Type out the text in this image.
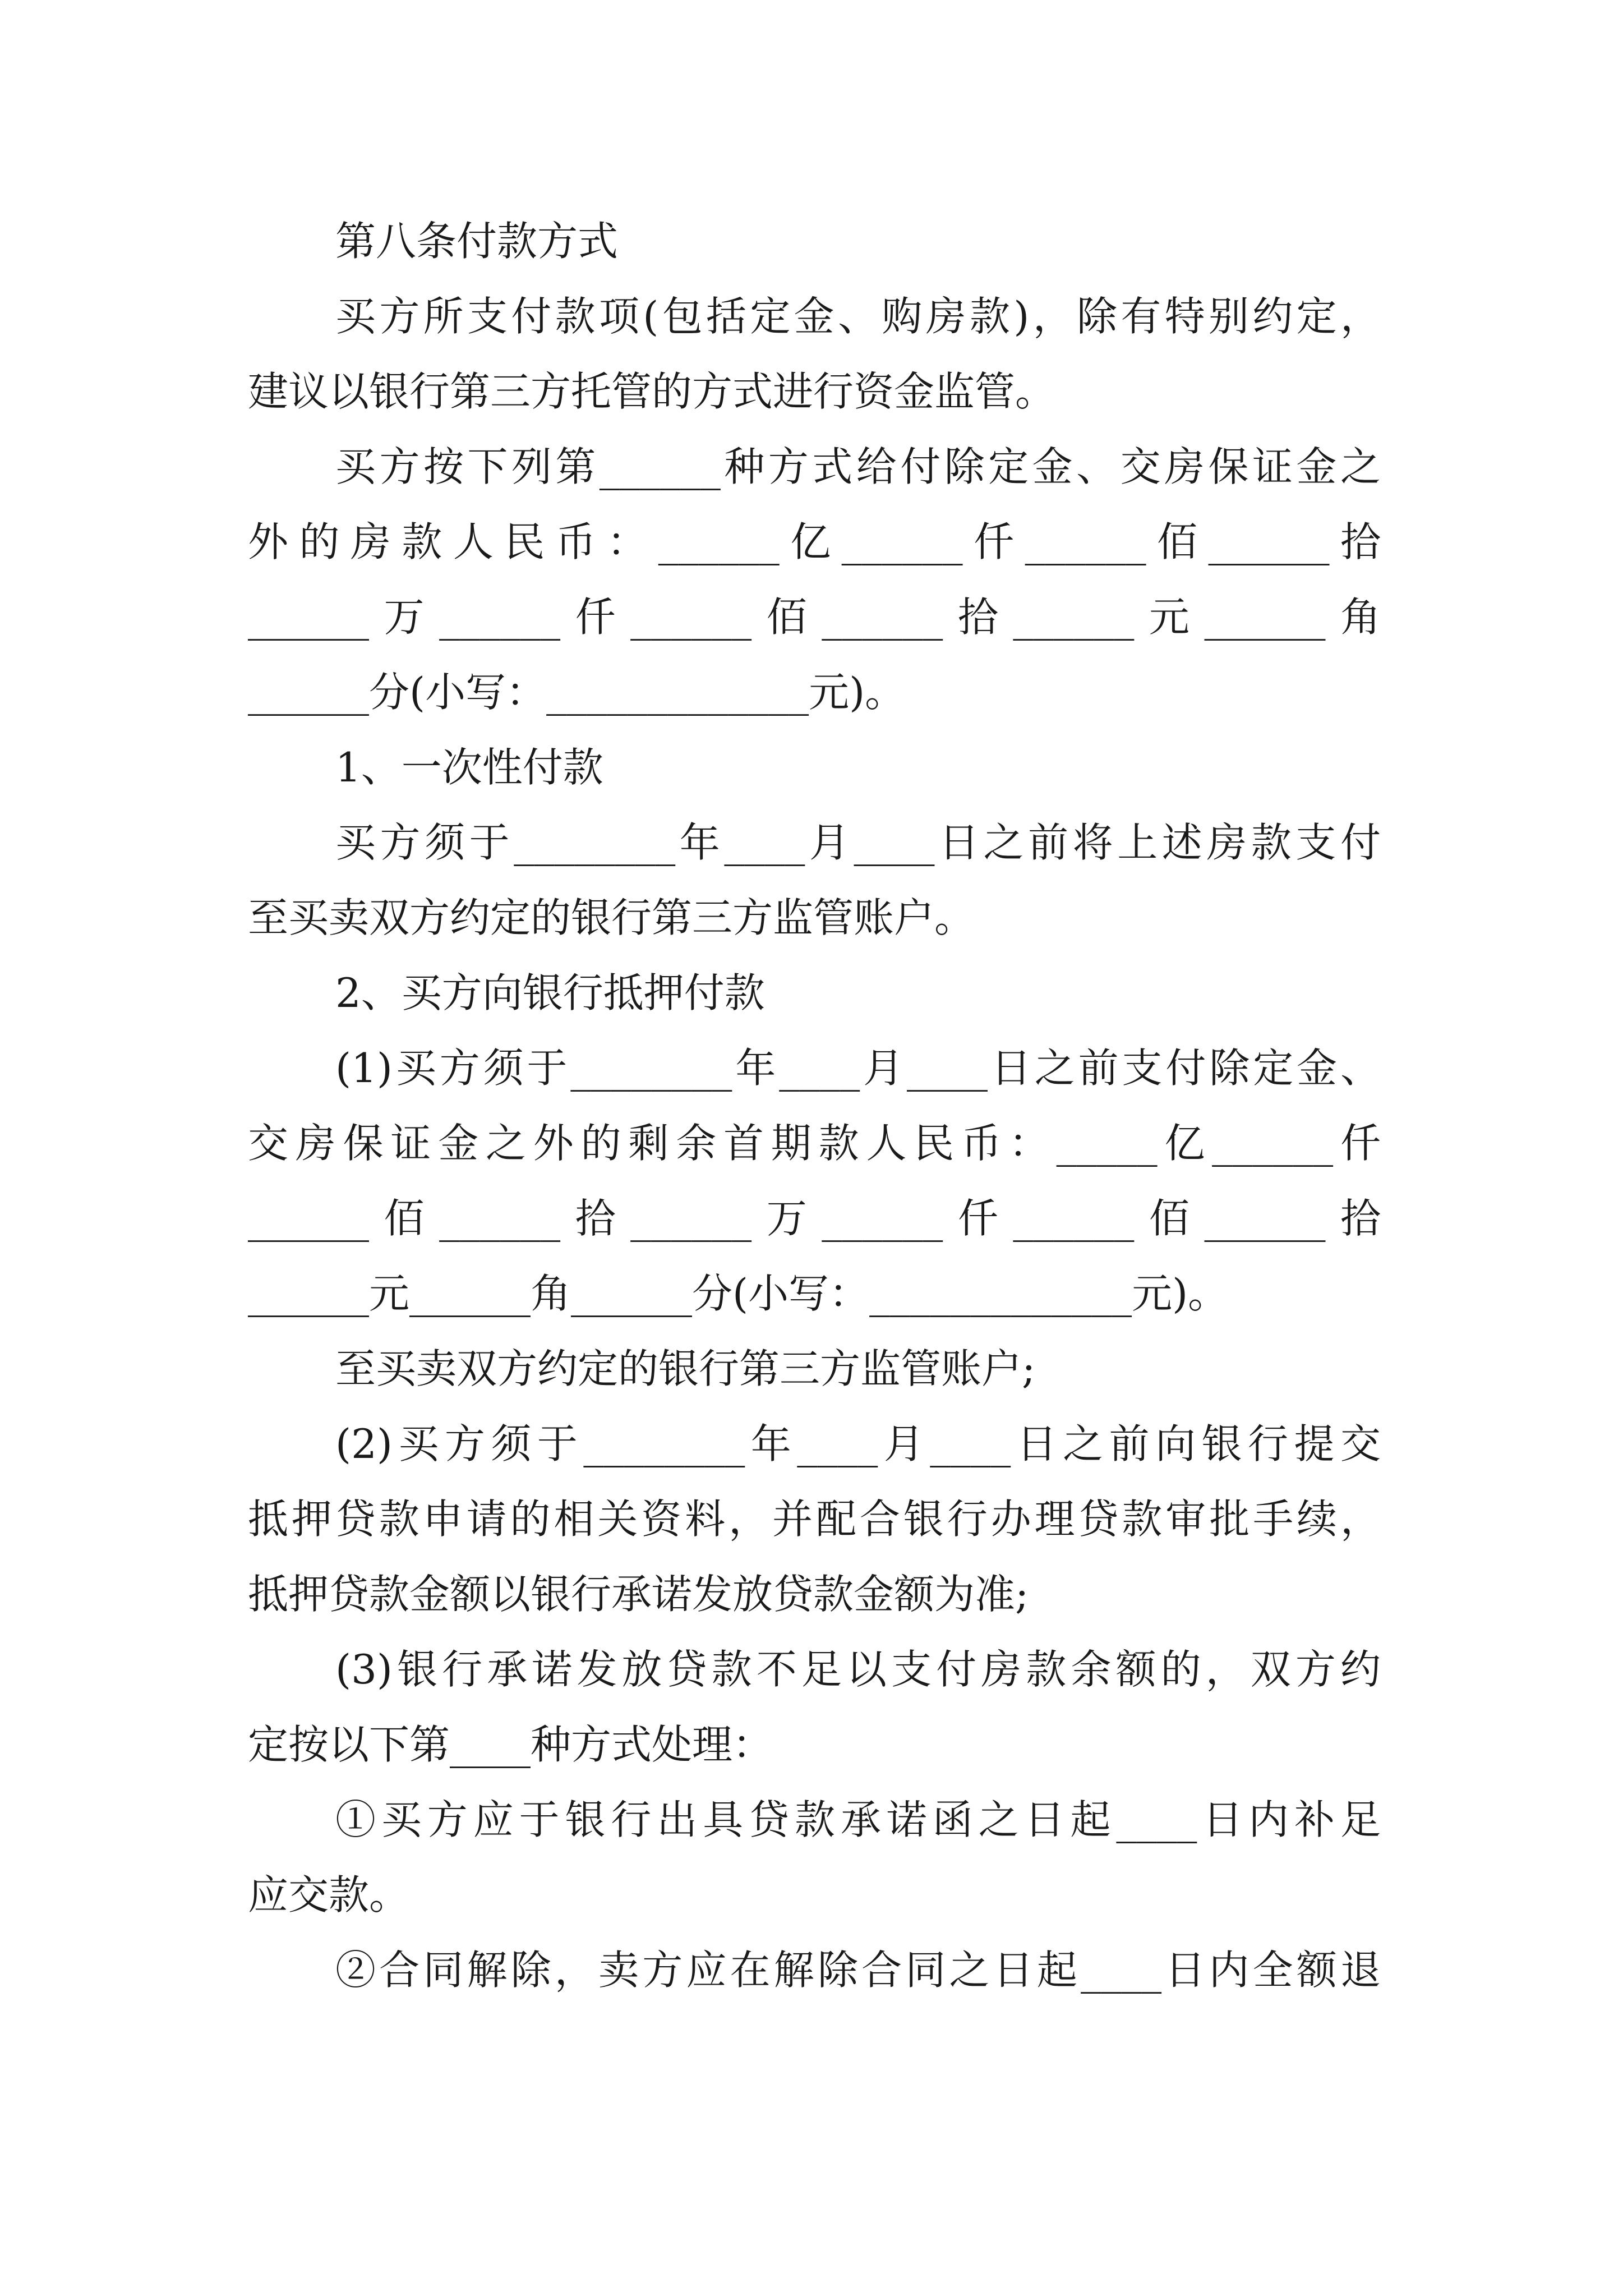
第八条付款方式
买方所支付款项(包括定金、购房款)，除有特别约定，
建议以银行第三方托管的方式进行资金监管。
买方按下列第______种方式给付除定金、交房保证金之
外的房款人民币：______亿______仟______佰______拾
______万______仟______佰______拾______元______角
______分(小写：_____________元)。
1、一次性付款
买方须于________年____月____日之前将上述房款支付
至买卖双方约定的银行第三方监管账户。
2、买方向银行抵押付款
(1)买方须于________年____月____日之前支付除定金、
交房保证金之外的剩余首期款人民币：_____亿______仟
______佰______拾______万______仟______佰______拾
______元______角______分(小写：_____________元)。
至买卖双方约定的银行第三方监管账户;
(2)买方须于________年____月____日之前向银行提交
抵押贷款申请的相关资料，并配合银行办理贷款审批手续，
抵押贷款金额以银行承诺发放贷款金额为准;
(3)银行承诺发放贷款不足以支付房款余额的，双方约
定按以下第____种方式处理：
①买方应于银行出具贷款承诺函之日起____日内补足
应交款。
②合同解除，卖方应在解除合同之日起____日内全额退
